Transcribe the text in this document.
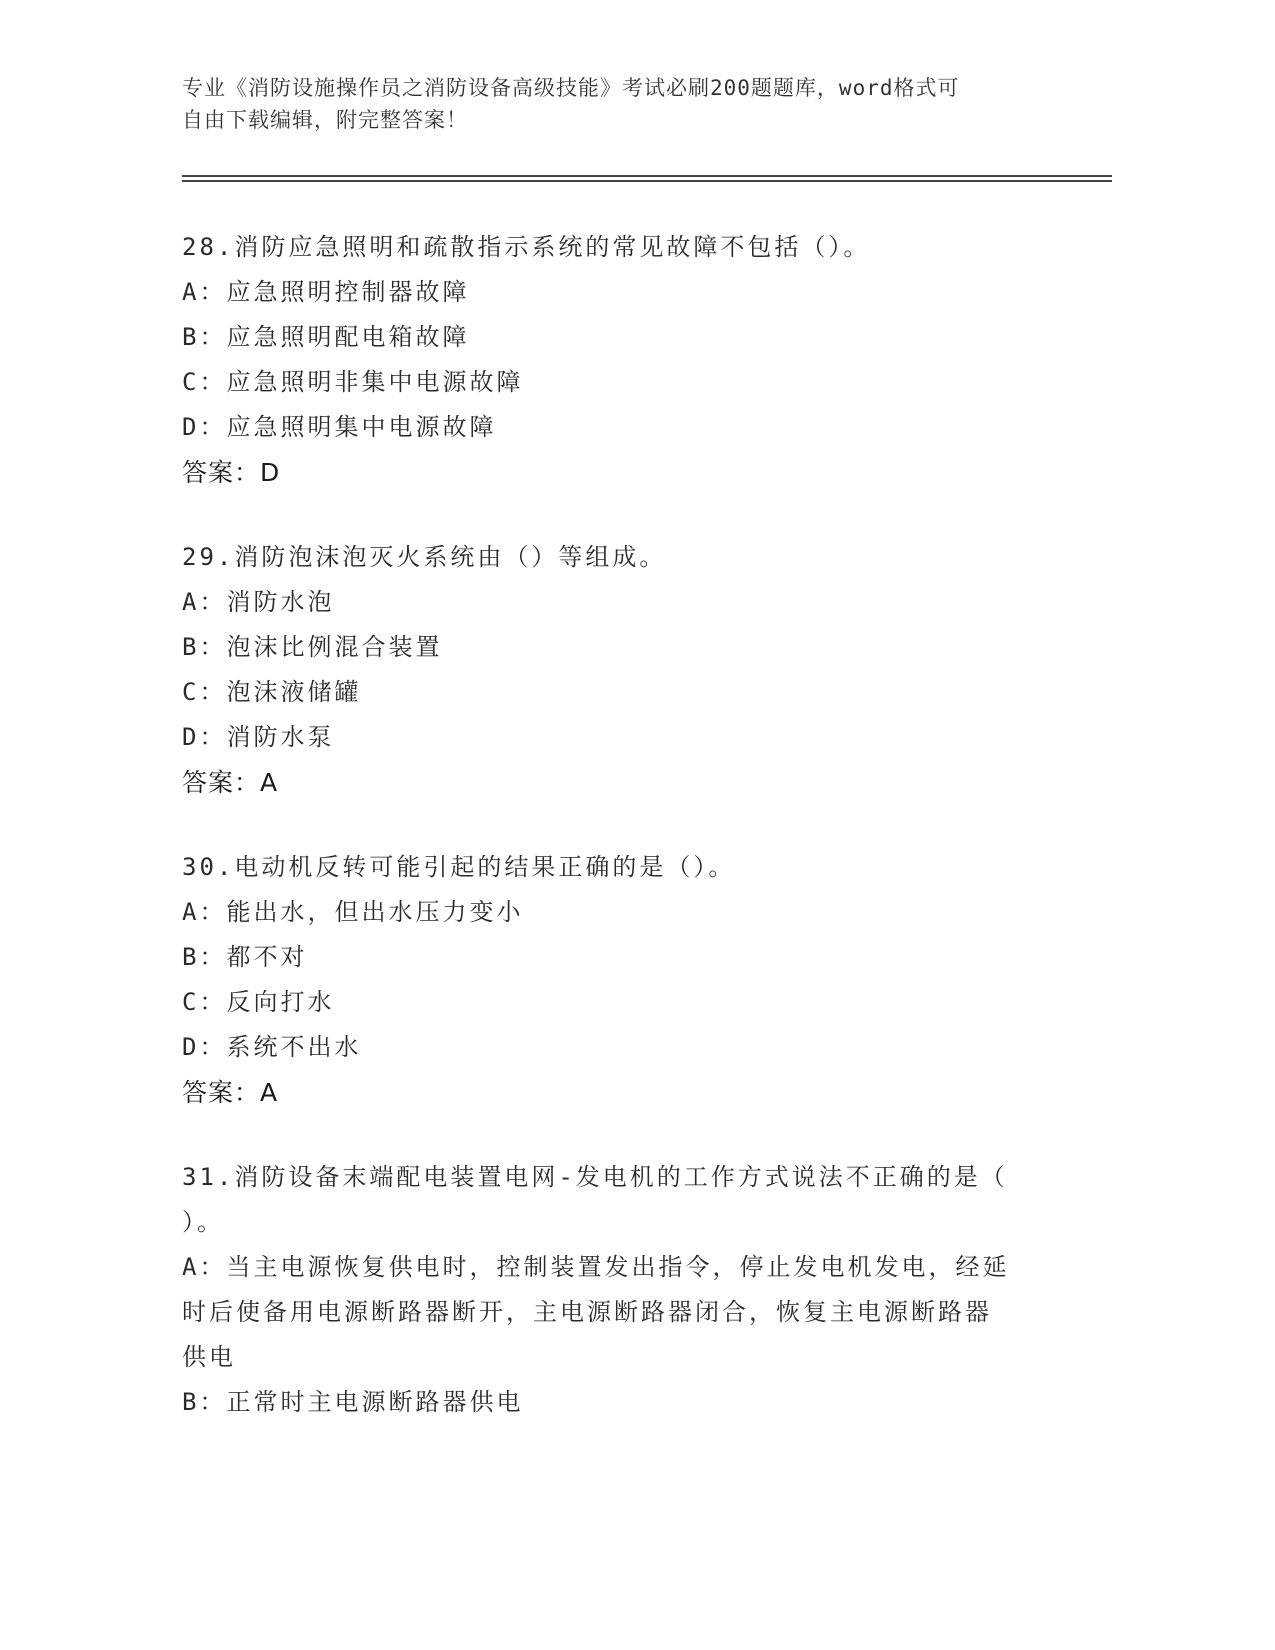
专业《消防设施操作员之消防设备高级技能》考试必刷200题题库，word格式可
自由下载编辑，附完整答案！
28.消防应急照明和疏散指示系统的常见故障不包括（）。
A：应急照明控制器故障
B：应急照明配电箱故障
C：应急照明非集中电源故障
D：应急照明集中电源故障
答案：D
29.消防泡沫泡灭火系统由（）等组成。
A：消防水泡
B：泡沫比例混合装置
C：泡沫液储罐
D：消防水泵
答案：A
30.电动机反转可能引起的结果正确的是（）。
A：能出水，但出水压力变小
B：都不对
C：反向打水
D：系统不出水
答案：A
31.消防设备末端配电装置电网-发电机的工作方式说法不正确的是（
）。
A：当主电源恢复供电时，控制装置发出指令，停止发电机发电，经延
时后使备用电源断路器断开，主电源断路器闭合，恢复主电源断路器
供电
B：正常时主电源断路器供电
